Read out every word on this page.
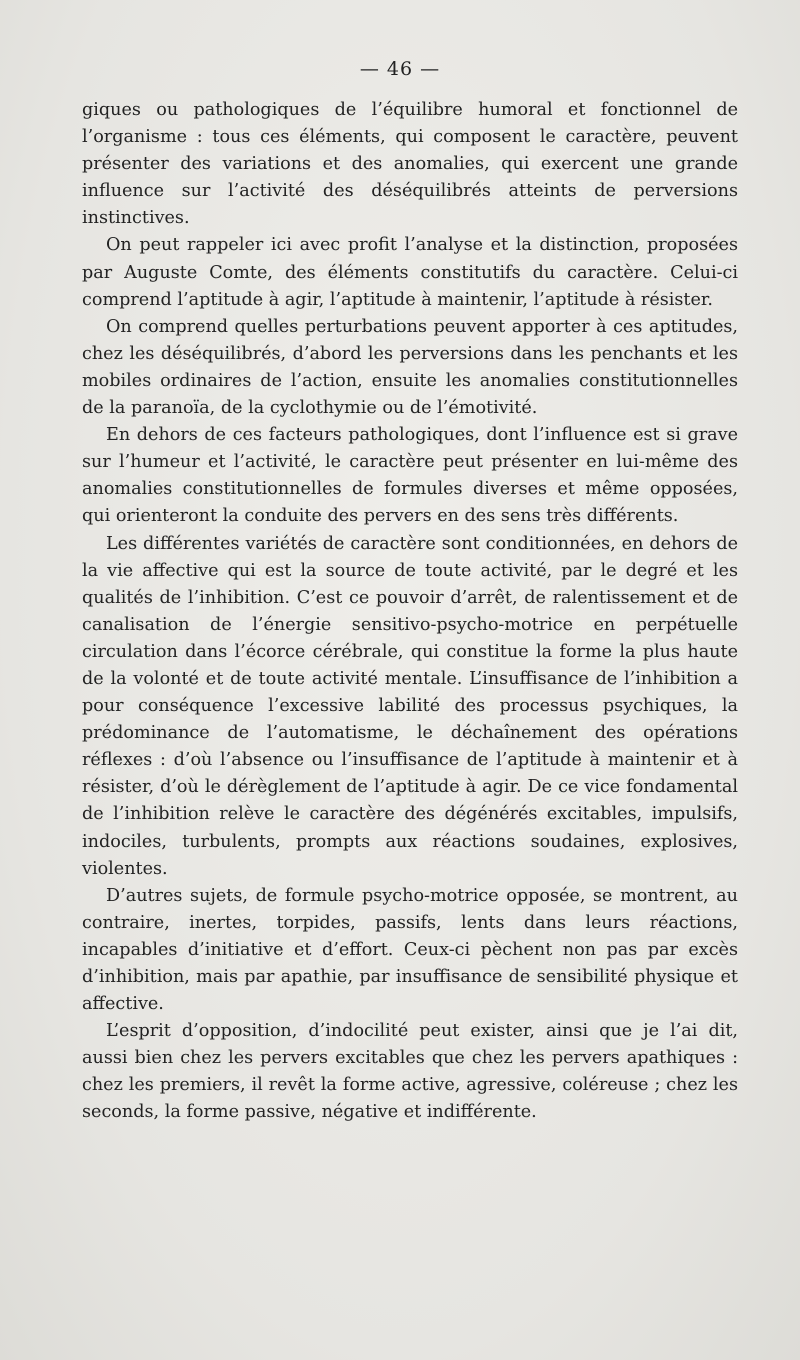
— 46 —

giques ou pathologiques de l’équilibre humoral et fonctionnel de l’organisme : tous ces éléments, qui composent le caractère, peuvent présenter des variations et des anomalies, qui exercent une grande influence sur l’activité des déséquilibrés atteints de perversions instinctives.

On peut rappeler ici avec profit l’analyse et la distinction, proposées par Auguste Comte, des éléments constitutifs du caractère. Celui-ci comprend l’aptitude à agir, l’aptitude à maintenir, l’aptitude à résister.

On comprend quelles perturbations peuvent apporter à ces aptitudes, chez les déséquilibrés, d’abord les perversions dans les penchants et les mobiles ordinaires de l’action, ensuite les anomalies constitutionnelles de la paranoïa, de la cyclothymie ou de l’émotivité.

En dehors de ces facteurs pathologiques, dont l’influence est si grave sur l’humeur et l’activité, le caractère peut présenter en lui-même des anomalies constitutionnelles de formules diverses et même opposées, qui orienteront la conduite des pervers en des sens très différents.

Les différentes variétés de caractère sont conditionnées, en dehors de la vie affective qui est la source de toute activité, par le degré et les qualités de l’inhibition. C’est ce pouvoir d’arrêt, de ralentissement et de canalisation de l’énergie sensitivo-psycho-motrice en perpétuelle circulation dans l’écorce cérébrale, qui constitue la forme la plus haute de la volonté et de toute activité mentale. L’insuffisance de l’inhibition a pour conséquence l’excessive labilité des processus psychiques, la prédominance de l’automatisme, le déchaînement des opérations réflexes : d’où l’absence ou l’insuffisance de l’aptitude à maintenir et à résister, d’où le dérèglement de l’aptitude à agir. De ce vice fondamental de l’inhibition relève le caractère des dégénérés excitables, impulsifs, indociles, turbulents, prompts aux réactions soudaines, explosives, violentes.

D’autres sujets, de formule psycho-motrice opposée, se montrent, au contraire, inertes, torpides, passifs, lents dans leurs réactions, incapables d’initiative et d’effort. Ceux-ci pèchent non pas par excès d’inhibition, mais par apathie, par insuffisance de sensibilité physique et affective.

L’esprit d’opposition, d’indocilité peut exister, ainsi que je l’ai dit, aussi bien chez les pervers excitables que chez les pervers apathiques : chez les premiers, il revêt la forme active, agressive, coléreuse ; chez les seconds, la forme passive, négative et indifférente.
